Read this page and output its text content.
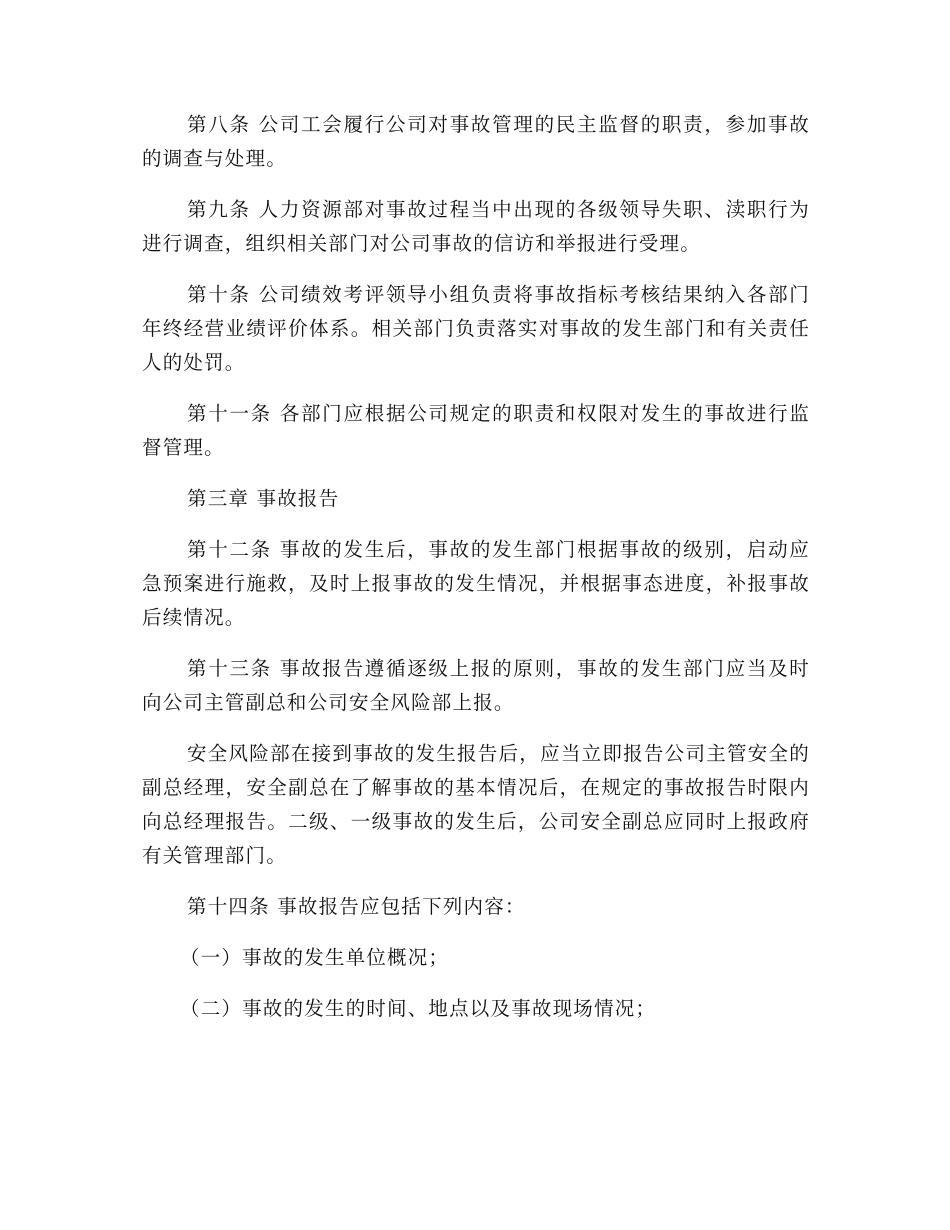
第八条 公司工会履行公司对事故管理的民主监督的职责，参加事故的调查与处理。

第九条 人力资源部对事故过程当中出现的各级领导失职、渎职行为进行调查，组织相关部门对公司事故的信访和举报进行受理。

第十条 公司绩效考评领导小组负责将事故指标考核结果纳入各部门年终经营业绩评价体系。相关部门负责落实对事故的发生部门和有关责任人的处罚。

第十一条 各部门应根据公司规定的职责和权限对发生的事故进行监督管理。

第三章 事故报告

第十二条 事故的发生后，事故的发生部门根据事故的级别，启动应急预案进行施救，及时上报事故的发生情况，并根据事态进度，补报事故后续情况。

第十三条 事故报告遵循逐级上报的原则，事故的发生部门应当及时向公司主管副总和公司安全风险部上报。

安全风险部在接到事故的发生报告后，应当立即报告公司主管安全的副总经理，安全副总在了解事故的基本情况后，在规定的事故报告时限内向总经理报告。二级、一级事故的发生后，公司安全副总应同时上报政府有关管理部门。

第十四条 事故报告应包括下列内容：

（一）事故的发生单位概况；

（二）事故的发生的时间、地点以及事故现场情况；
